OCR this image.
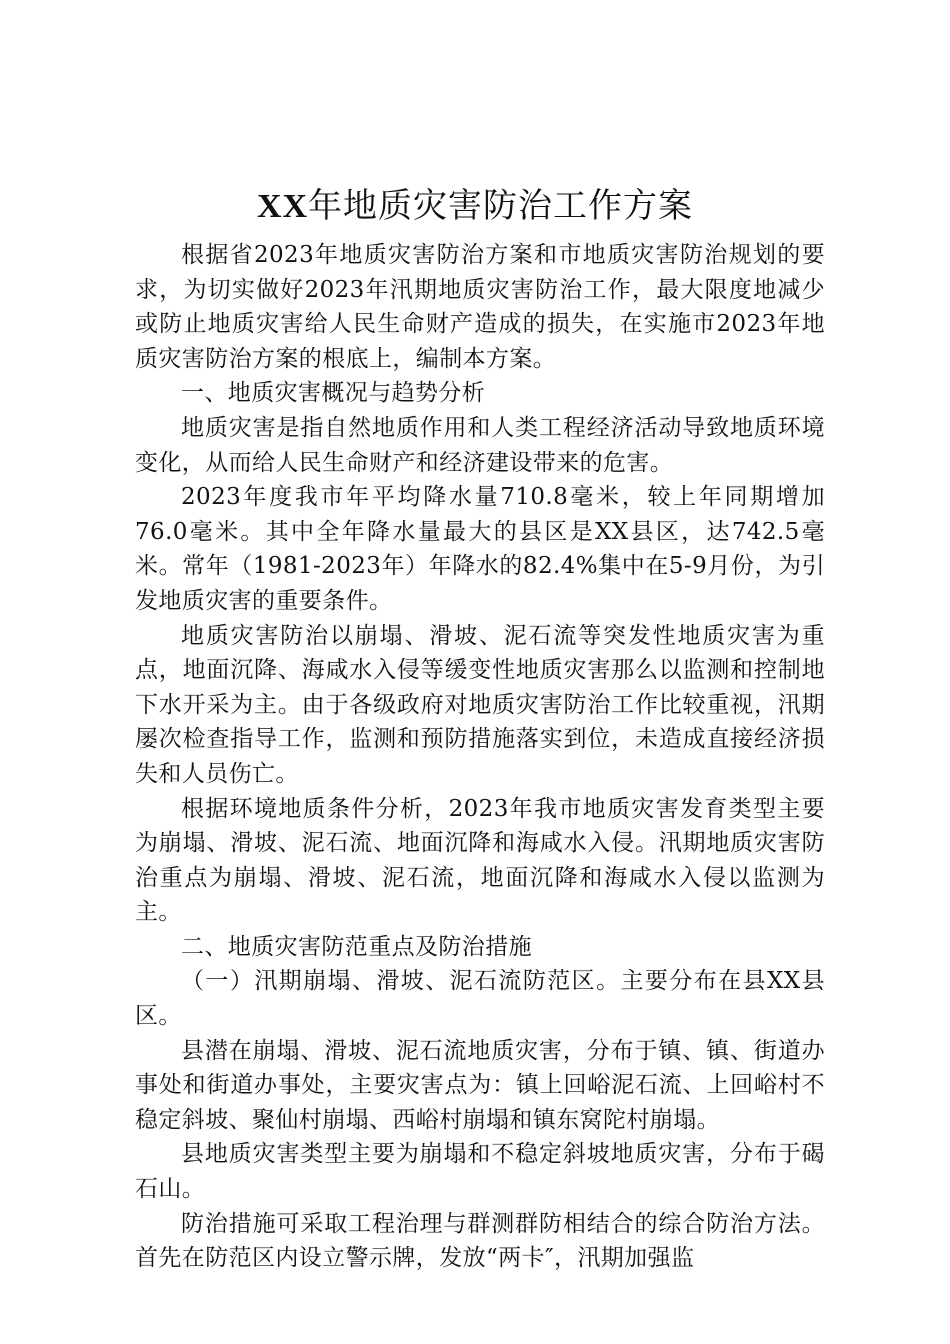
XX年地质灾害防治工作方案

根据省2023年地质灾害防治方案和市地质灾害防治规划的要求，为切实做好2023年汛期地质灾害防治工作，最大限度地减少或防止地质灾害给人民生命财产造成的损失，在实施市2023年地质灾害防治方案的根底上，编制本方案。

一、地质灾害概况与趋势分析

地质灾害是指自然地质作用和人类工程经济活动导致地质环境变化，从而给人民生命财产和经济建设带来的危害。

2023年度我市年平均降水量710.8毫米，较上年同期增加76.0毫米。其中全年降水量最大的县区是XX县区，达742.5毫米。常年（1981-2023年）年降水的82.4%集中在5-9月份，为引发地质灾害的重要条件。

地质灾害防治以崩塌、滑坡、泥石流等突发性地质灾害为重点，地面沉降、海咸水入侵等缓变性地质灾害那么以监测和控制地下水开采为主。由于各级政府对地质灾害防治工作比较重视，汛期屡次检查指导工作，监测和预防措施落实到位，未造成直接经济损失和人员伤亡。

根据环境地质条件分析，2023年我市地质灾害发育类型主要为崩塌、滑坡、泥石流、地面沉降和海咸水入侵。汛期地质灾害防治重点为崩塌、滑坡、泥石流，地面沉降和海咸水入侵以监测为主。

二、地质灾害防范重点及防治措施

（一）汛期崩塌、滑坡、泥石流防范区。主要分布在县XX县区。

县潜在崩塌、滑坡、泥石流地质灾害，分布于镇、镇、街道办事处和街道办事处，主要灾害点为：镇上回峪泥石流、上回峪村不稳定斜坡、聚仙村崩塌、西峪村崩塌和镇东窝陀村崩塌。

县地质灾害类型主要为崩塌和不稳定斜坡地质灾害，分布于碣石山。

防治措施可采取工程治理与群测群防相结合的综合防治方法。首先在防范区内设立警示牌，发放“两卡″，汛期加强监
